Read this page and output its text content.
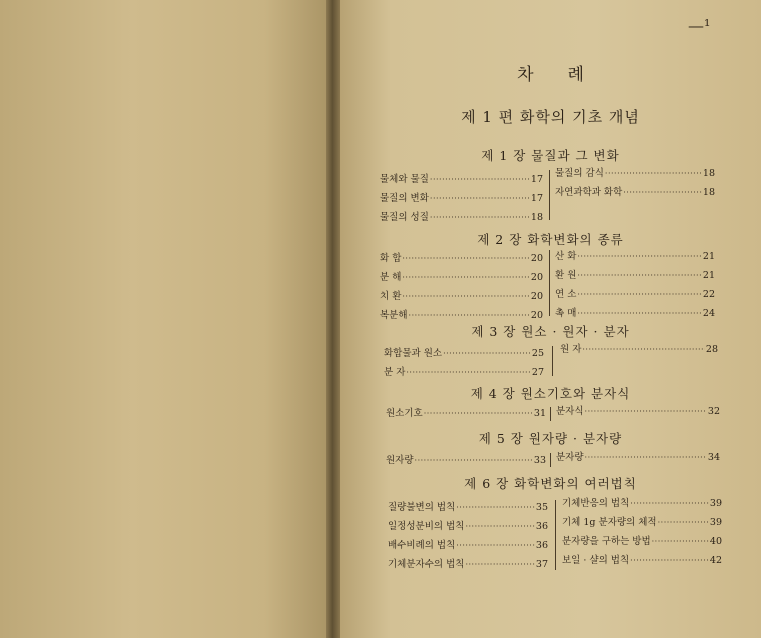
—¹
차례
제 1 편 화학의 기초 개념
제 1 장 물질과 그 변화
물체와 물질 ·····	17
물질의 변화 ·····	17
물질의 성질 ·····	18
물질의 감식 ·····	18
자연과학과 화학 ·····	18
제 2 장 화학변화의 종류
화 합 ·····	20
분 해 ·····	20
치 환 ·····	20
복분해 ·····	20
산 화 ·····	21
환 원 ·····	21
연 소 ·····	22
촉 매 ·····	24
제 3 장 원소 · 원자 · 분자
화합물과 원소 ·····	25
분 자 ·····	27
원 자 ·····	28
제 4 장 원소기호와 분자식
원소기호 ·····	31 분자식 ·····	32
제 5 장 원자량 · 분자량
원자량 ·····	33 분자량 ·····	34
제 6 장 화학변화의 여러법칙
질량불변의 법칙 ·····	35
일정성분비의 법칙 ·····	36
배수비례의 법칙 ·····	36
기체분자수의 법칙 ·····	37
기체반응의 법칙 ·····	39
기체 1g 분자량의 체적 ·····	39
분자량을 구하는 방법 ·····	40
보일 · 샬의 법칙 ·····	42
